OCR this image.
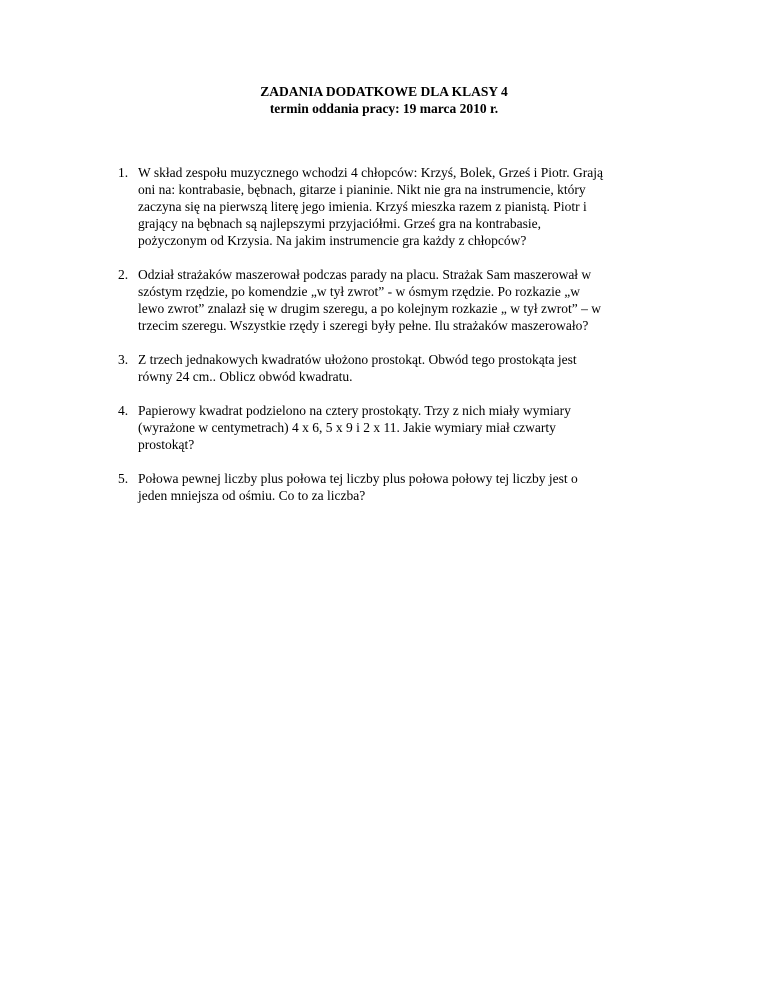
ZADANIA DODATKOWE DLA KLASY 4
termin oddania pracy: 19 marca 2010 r.
1. W skład zespołu muzycznego wchodzi 4 chłopców: Krzyś, Bolek, Grześ i Piotr. Grają
oni na: kontrabasie, bębnach, gitarze i pianinie. Nikt nie gra na instrumencie, który
zaczyna się na pierwszą literę jego imienia. Krzyś mieszka razem z pianistą. Piotr i
grający na bębnach są najlepszymi przyjaciółmi. Grześ gra na kontrabasie,
pożyczonym od Krzysia. Na jakim instrumencie gra każdy z chłopców?
2. Odział strażaków maszerował podczas parady na placu. Strażak Sam maszerował w
szóstym rzędzie, po komendzie „w tył zwrot” - w ósmym rzędzie. Po rozkazie „w
lewo zwrot” znalazł się w drugim szeregu, a po kolejnym rozkazie „ w tył zwrot” – w
trzecim szeregu. Wszystkie rzędy i szeregi były pełne. Ilu strażaków maszerowało?
3. Z trzech jednakowych kwadratów ułożono prostokąt. Obwód tego prostokąta jest
równy 24 cm.. Oblicz obwód kwadratu.
4. Papierowy kwadrat podzielono na cztery prostokąty. Trzy z nich miały wymiary
(wyrażone w centymetrach) 4 x 6, 5 x 9 i 2 x 11. Jakie wymiary miał czwarty
prostokąt?
5. Połowa pewnej liczby plus połowa tej liczby plus połowa połowy tej liczby jest o
jeden mniejsza od ośmiu. Co to za liczba?
